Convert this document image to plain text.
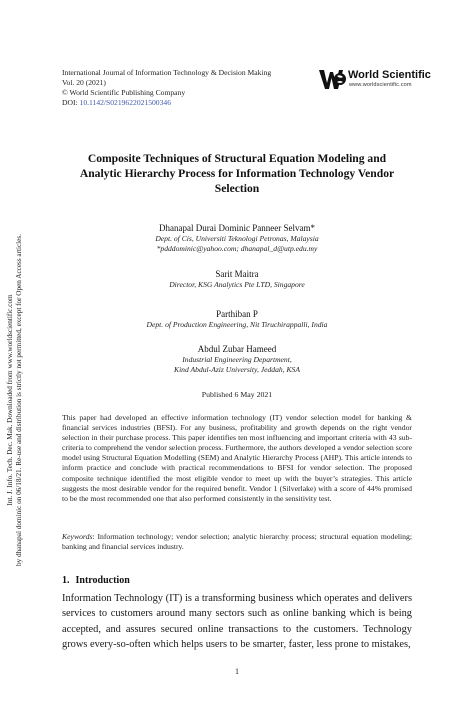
Int. J. Info. Tech. Dec. Mak. Downloaded from www.worldscientific.com by dhanapal dominic on 06/18/21. Re-use and distribution is strictly not permitted, except for Open Access articles.
International Journal of Information Technology & Decision Making
Vol. 20 (2021)
© World Scientific Publishing Company
DOI: 10.1142/S0219622021500346
World Scientific
www.worldscientific.com
Composite Techniques of Structural Equation Modeling and Analytic Hierarchy Process for Information Technology Vendor Selection
Dhanapal Durai Dominic Panneer Selvam*
Dept. of Cis, Universiti Teknologi Petronas, Malaysia
*pdddominic@yahoo.com; dhanapal_d@utp.edu.my
Sarit Maitra
Director, KSG Analytics Pte LTD, Singapore
Parthiban P
Dept. of Production Engineering, Nit Tiruchirappalli, India
Abdul Zubar Hameed
Industrial Engineering Department,
Kind Abdul-Aziz University, Jeddah, KSA
Published 6 May 2021
This paper had developed an effective information technology (IT) vendor selection model for banking & financial services industries (BFSI). For any business, profitability and growth depends on the right vendor selection in their purchase process. This paper identifies ten most influencing and important criteria with 43 sub-criteria to comprehend the vendor selection process. Furthermore, the authors developed a vendor selection score model using Structural Equation Modelling (SEM) and Analytic Hierarchy Process (AHP). This article intends to inform practice and conclude with practical recommendations to BFSI for vendor selection. The proposed composite technique identified the most eligible vendor to meet up with the buyer’s strategies. This article suggests the most desirable vendor for the required benefit. Vendor 1 (Silverlake) with a score of 44% promised to be the most recommended one that also performed consistently in the sensitivity test.
Keywords: Information technology; vendor selection; analytic hierarchy process; structural equation modeling; banking and financial services industry.
1. Introduction
Information Technology (IT) is a transforming business which operates and delivers services to customers around many sectors such as online banking which is being accepted, and assures secured online transactions to the customers. Technology grows every-so-often which helps users to be smarter, faster, less prone to mistakes,
1
